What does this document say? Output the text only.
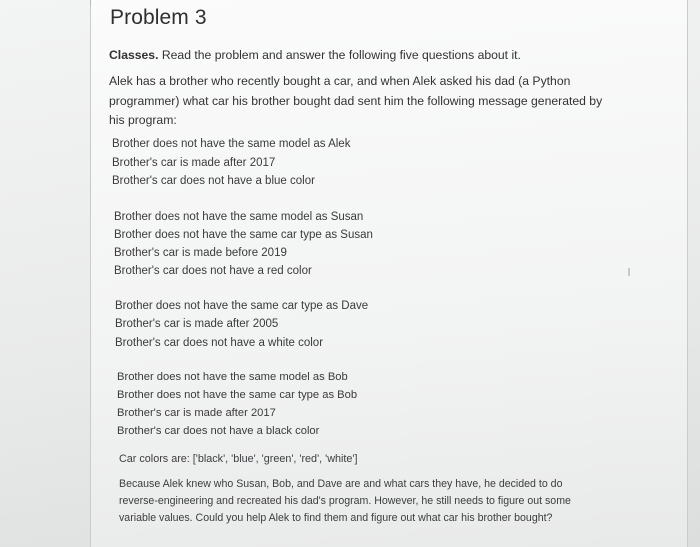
Problem 3
Classes. Read the problem and answer the following five questions about it.
Alek has a brother who recently bought a car, and when Alek asked his dad (a Python programmer) what car his brother bought dad sent him the following message generated by his program:
Brother does not have the same model as Alek
Brother's car is made after 2017
Brother's car does not have a blue color
Brother does not have the same model as Susan
Brother does not have the same car type as Susan
Brother's car is made before 2019
Brother's car does not have a red color
Brother does not have the same car type as Dave
Brother's car is made after 2005
Brother's car does not have a white color
Brother does not have the same model as Bob
Brother does not have the same car type as Bob
Brother's car is made after 2017
Brother's car does not have a black color
Car colors are: ['black', 'blue', 'green', 'red', 'white']
Because Alek knew who Susan, Bob, and Dave are and what cars they have, he decided to do reverse-engineering and recreated his dad's program. However, he still needs to figure out some variable values. Could you help Alek to find them and figure out what car his brother bought?
